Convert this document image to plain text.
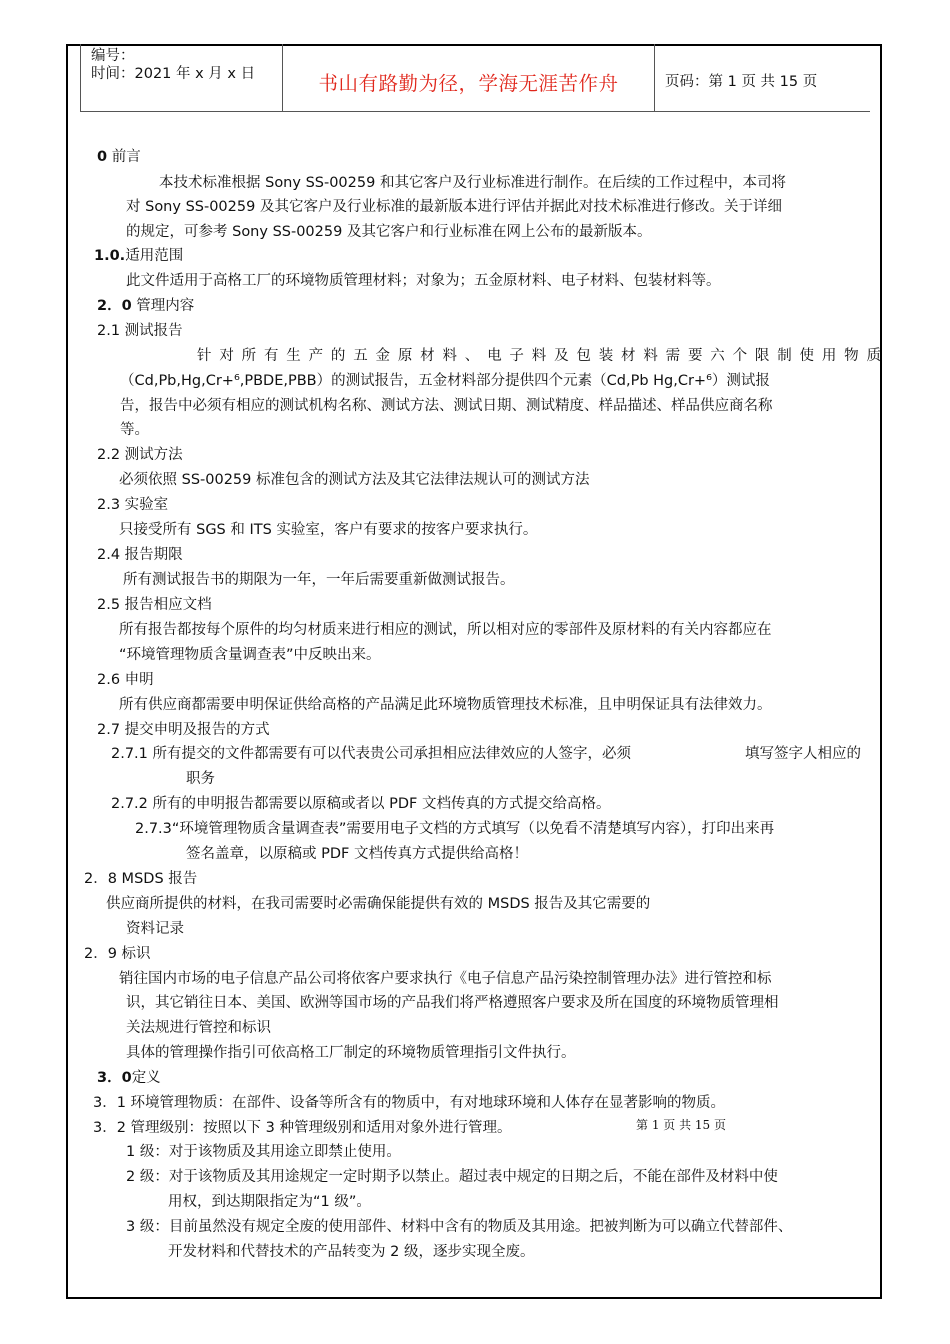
编号：
时间：2021 年 x 月 x 日	书山有路勤为径，学海无涯苦作舟	页码：第 1 页 共 15 页
0 前言
本技术标准根据 Sony SS-00259 和其它客户及行业标准进行制作。在后续的工作过程中，本司将
对 Sony SS-00259 及其它客户及行业标准的最新版本进行评估并据此对技术标准进行修改。关于详细
的规定，可参考 Sony SS-00259 及其它客户和行业标准在网上公布的最新版本。
1.0.适用范围
此文件适用于高格工厂的环境物质管理材料；对象为；五金原材料、电子材料、包装材料等。
2．0 管理内容
2.1 测试报告
针对所有生产的五金原材料、电子料及包装材料需要六个限制使用物质
（Cd,Pb,Hg,Cr+⁶,PBDE,PBB）的测试报告，五金材料部分提供四个元素（Cd,Pb Hg,Cr+⁶）测试报
告，报告中必须有相应的测试机构名称、测试方法、测试日期、测试精度、样品描述、样品供应商名称
等。
2.2 测试方法
必须依照 SS-00259 标准包含的测试方法及其它法律法规认可的测试方法
2.3 实验室
只接受所有 SGS 和 ITS 实验室，客户有要求的按客户要求执行。
2.4 报告期限
所有测试报告书的期限为一年，一年后需要重新做测试报告。
2.5 报告相应文档
所有报告都按每个原件的均匀材质来进行相应的测试，所以相对应的零部件及原材料的有关内容都应在
“环境管理物质含量调查表”中反映出来。
2.6 申明
所有供应商都需要申明保证供给高格的产品满足此环境物质管理技术标准，且申明保证具有法律效力。
2.7 提交申明及报告的方式
2.7.1 所有提交的文件都需要有可以代表贵公司承担相应法律效应的人签字，必须	填写签字人相应的
职务
2.7.2 所有的申明报告都需要以原稿或者以 PDF 文档传真的方式提交给高格。
2.7.3“环境管理物质含量调查表”需要用电子文档的方式填写（以免看不清楚填写内容），打印出来再
签名盖章，以原稿或 PDF 文档传真方式提供给高格！
2．8 MSDS 报告
供应商所提供的材料，在我司需要时必需确保能提供有效的 MSDS 报告及其它需要的
资料记录
2．9 标识
销往国内市场的电子信息产品公司将依客户要求执行《电子信息产品污染控制管理办法》进行管控和标
识，其它销往日本、美国、欧洲等国市场的产品我们将严格遵照客户要求及所在国度的环境物质管理相
关法规进行管控和标识
具体的管理操作指引可依高格工厂制定的环境物质管理指引文件执行。
3．0定义
3．1 环境管理物质：在部件、设备等所含有的物质中，有对地球环境和人体存在显著影响的物质。
3．2 管理级别：按照以下 3 种管理级别和适用对象外进行管理。	第 1 页 共 15 页
1 级：对于该物质及其用途立即禁止使用。
2 级：对于该物质及其用途规定一定时期予以禁止。超过表中规定的日期之后，不能在部件及材料中使
用权，到达期限指定为“1 级”。
3 级：目前虽然没有规定全废的使用部件、材料中含有的物质及其用途。把被判断为可以确立代替部件、
开发材料和代替技术的产品转变为 2 级，逐步实现全废。
